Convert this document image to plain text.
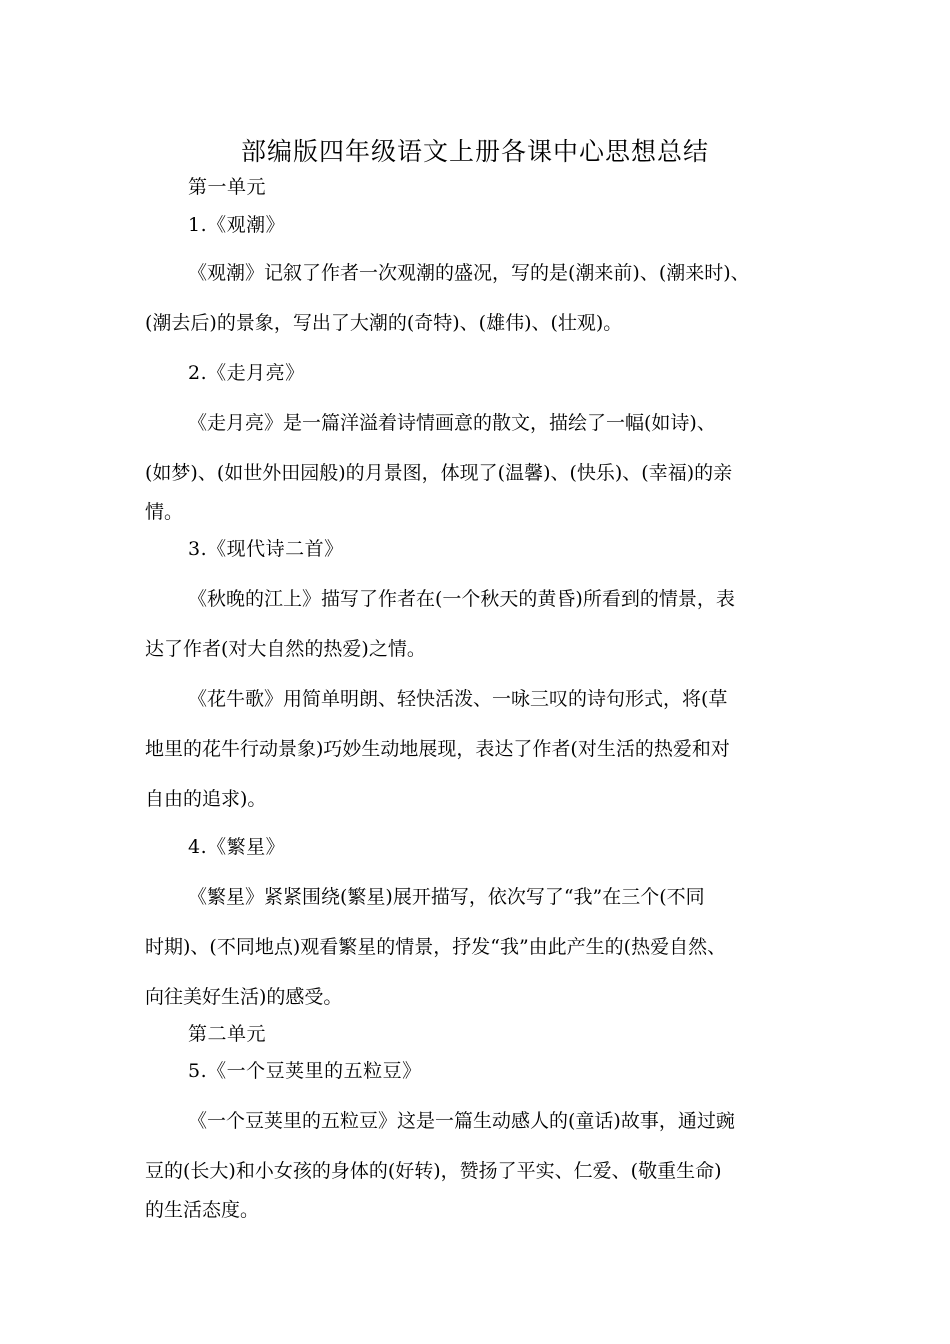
部编版四年级语文上册各课中心思想总结
第一单元
1.《观潮》
《观潮》记叙了作者一次观潮的盛况，写的是(潮来前)、(潮来时)、
(潮去后)的景象，写出了大潮的(奇特)、(雄伟)、(壮观)。
2.《走月亮》
《走月亮》是一篇洋溢着诗情画意的散文，描绘了一幅(如诗)、
(如梦)、(如世外田园般)的月景图，体现了(温馨)、(快乐)、(幸福)的亲
情。
3.《现代诗二首》
《秋晚的江上》描写了作者在(一个秋天的黄昏)所看到的情景，表
达了作者(对大自然的热爱)之情。
《花牛歌》用简单明朗、轻快活泼、一咏三叹的诗句形式，将(草
地里的花牛行动景象)巧妙生动地展现，表达了作者(对生活的热爱和对
自由的追求)。
4.《繁星》
《繁星》紧紧围绕(繁星)展开描写，依次写了“我”在三个(不同
时期)、(不同地点)观看繁星的情景，抒发“我”由此产生的(热爱自然、
向往美好生活)的感受。
第二单元
5.《一个豆荚里的五粒豆》
《一个豆荚里的五粒豆》这是一篇生动感人的(童话)故事，通过豌
豆的(长大)和小女孩的身体的(好转)，赞扬了平实、仁爱、(敬重生命)
的生活态度。
